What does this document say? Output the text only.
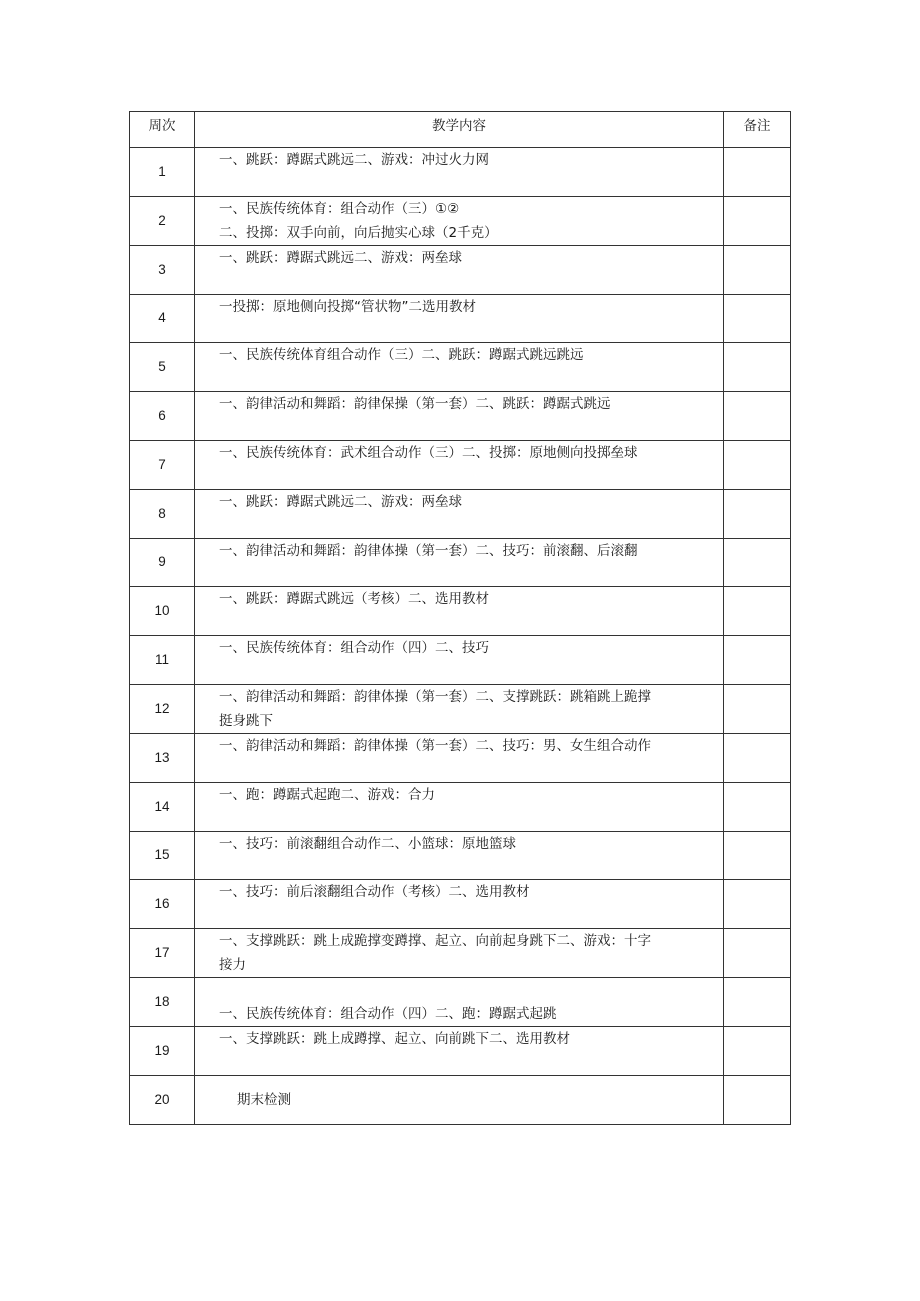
周次	教学内容	备注
1	一、跳跃：蹲踞式跳远二、游戏：冲过火力网	

2	一、民族传统体育：组合动作（三）①②
二、投掷：双手向前，向后抛实心球（2千克）	

3	一、跳跃：蹲踞式跳远二、游戏：两垒球	

4	一投掷：原地侧向投掷“管状物”二选用教材	

5	一、民族传统体育组合动作（三）二、跳跃：蹲踞式跳远跳远	

6	一、韵律活动和舞蹈：韵律保操（第一套）二、跳跃：蹲踞式跳远	

7	一、民族传统体育：武术组合动作（三）二、投掷：原地侧向投掷垒球	

8	一、跳跃：蹲踞式跳远二、游戏：两垒球	

9	一、韵律活动和舞蹈：韵律体操（第一套）二、技巧：前滚翻、后滚翻	

10	一、跳跃：蹲踞式跳远（考核）二、选用教材	

11	一、民族传统体育：组合动作（四）二、技巧	

12	一、韵律活动和舞蹈：韵律体操（第一套）二、支撑跳跃：跳箱跳上跪撑
挺身跳下	

13	一、韵律活动和舞蹈：韵律体操（第一套）二、技巧：男、女生组合动作	

14	一、跑：蹲踞式起跑二、游戏：合力	

15	一、技巧：前滚翻组合动作二、小篮球：原地篮球	

16	一、技巧：前后滚翻组合动作（考核）二、选用教材	

17	一、支撑跳跃：跳上成跪撑变蹲撑、起立、向前起身跳下二、游戏：十字
接力	

18	一、民族传统体育：组合动作（四）二、跑：蹲踞式起跳	

19	一、支撑跳跃：跳上成蹲撑、起立、向前跳下二、选用教材	

20	期末检测	
